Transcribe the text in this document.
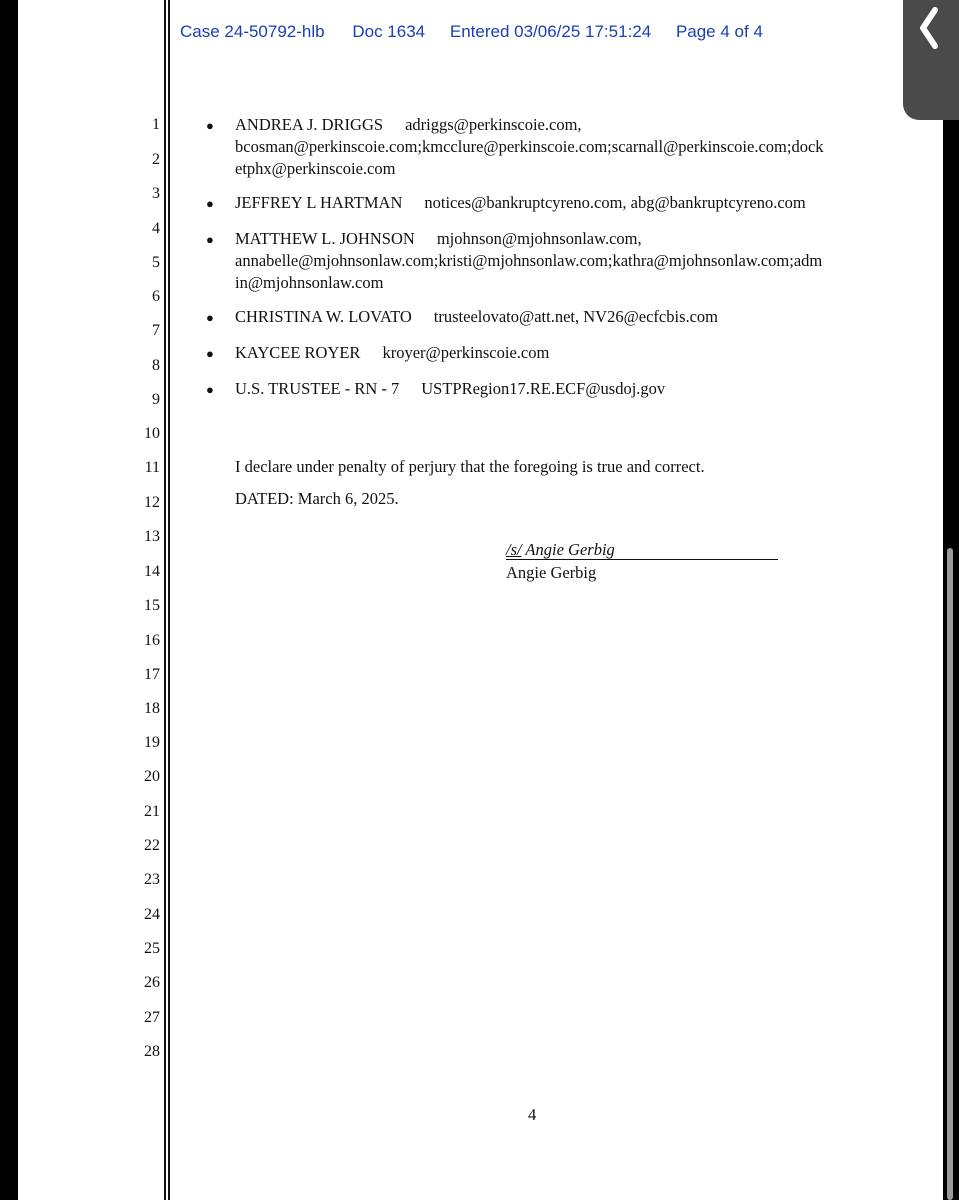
Case 24-50792-hlb Doc 1634 Entered 03/06/25 17:51:24 Page 4 of 4
1
2
3
4
5
6
7
8
9
10
11
12
13
14
15
16
17
18
19
20
21
22
23
24
25
26
27
28
● ANDREA J. DRIGGS adriggs@perkinscoie.com,
bcosman@perkinscoie.com;kmcclure@perkinscoie.com;scarnall@perkinscoie.com;dock
etphx@perkinscoie.com
● JEFFREY L HARTMAN notices@bankruptcyreno.com, abg@bankruptcyreno.com
● MATTHEW L. JOHNSON mjohnson@mjohnsonlaw.com,
annabelle@mjohnsonlaw.com;kristi@mjohnsonlaw.com;kathra@mjohnsonlaw.com;adm
in@mjohnsonlaw.com
● CHRISTINA W. LOVATO trusteelovato@att.net, NV26@ecfcbis.com
● KAYCEE ROYER kroyer@perkinscoie.com
● U.S. TRUSTEE - RN - 7 USTPRegion17.RE.ECF@usdoj.gov
I declare under penalty of perjury that the foregoing is true and correct.
DATED: March 6, 2025.
/s/ Angie Gerbig
Angie Gerbig
4
